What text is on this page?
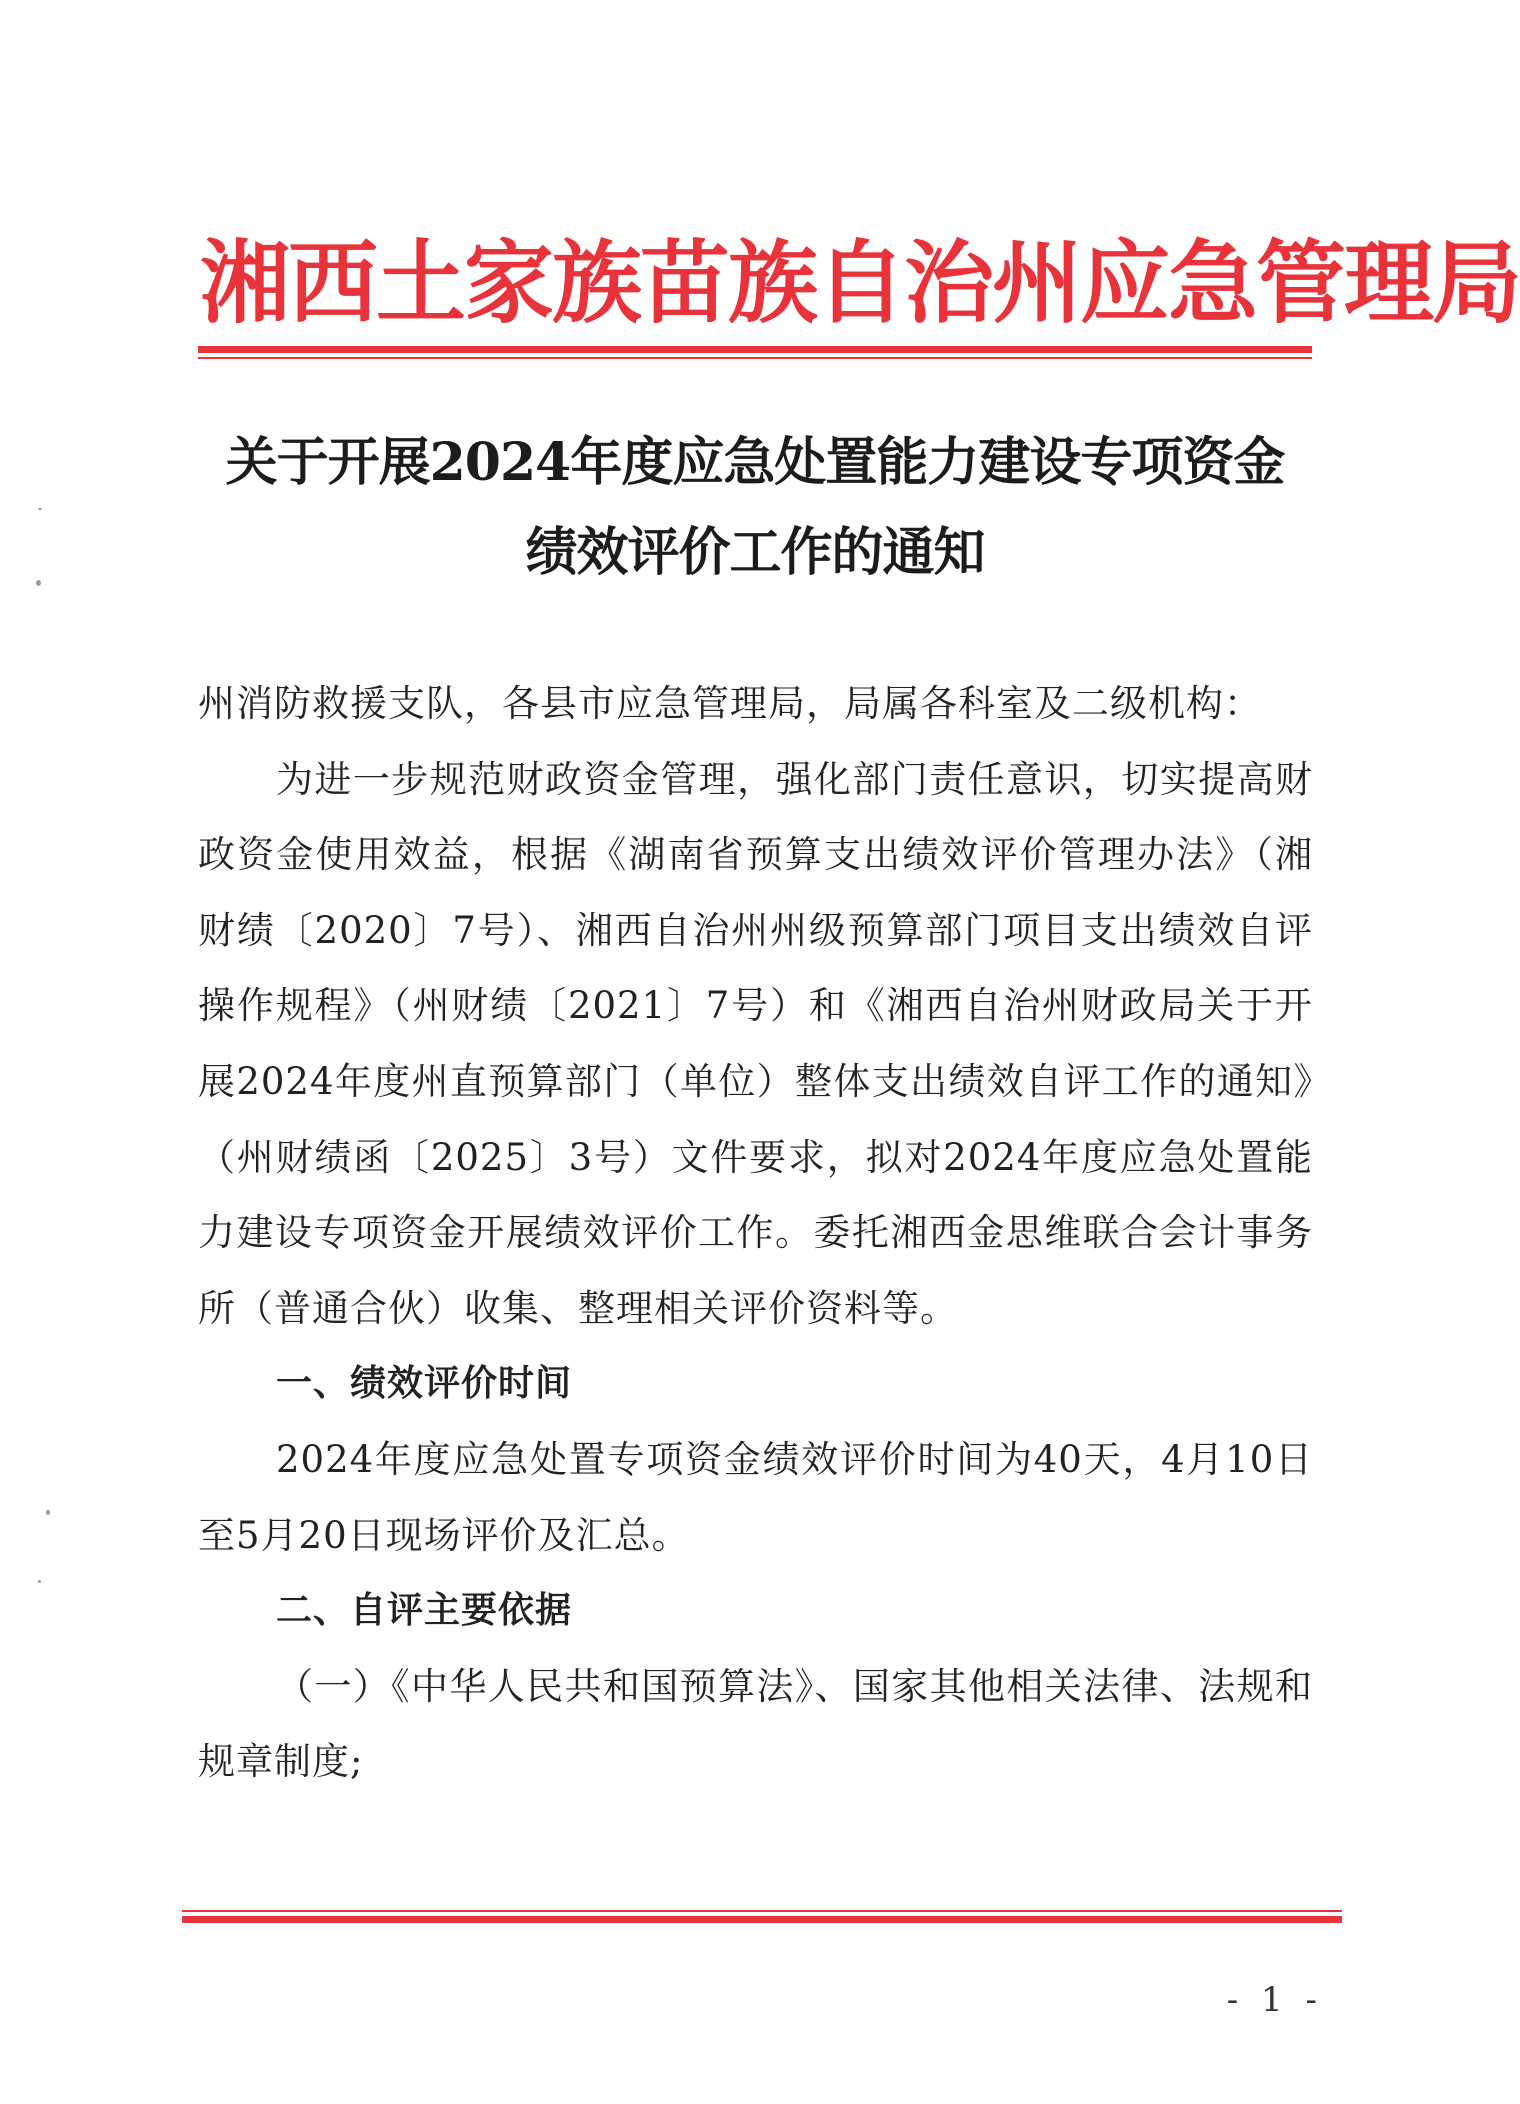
湘西土家族苗族自治州应急管理局
关于开展2024年度应急处置能力建设专项资金
绩效评价工作的通知

州消防救援支队，各县市应急管理局，局属各科室及二级机构：

为进一步规范财政资金管理，强化部门责任意识，切实提高财政资金使用效益，根据《湖南省预算支出绩效评价管理办法》（湘财绩〔2020〕7号）、湘西自治州州级预算部门项目支出绩效自评操作规程》（州财绩〔2021〕7号）和《湘西自治州财政局关于开展2024年度州直预算部门（单位）整体支出绩效自评工作的通知》（州财绩函〔2025〕3号）文件要求，拟对2024年度应急处置能力建设专项资金开展绩效评价工作。委托湘西金思维联合会计事务所（普通合伙）收集、整理相关评价资料等。

一、绩效评价时间

2024年度应急处置专项资金绩效评价时间为40天，4月10日至5月20日现场评价及汇总。

二、自评主要依据

（一）《中华人民共和国预算法》、国家其他相关法律、法规和规章制度;

- 1 -
